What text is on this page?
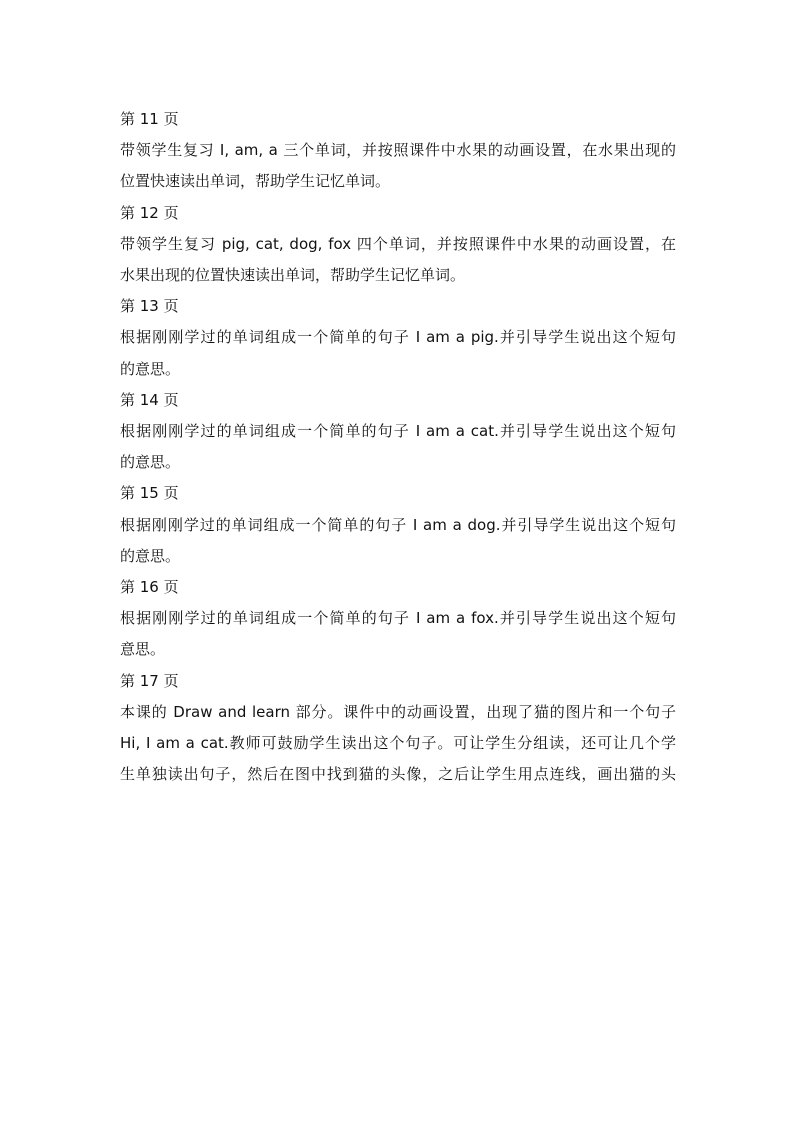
第 11 页
带领学生复习 I, am, a 三个单词，并按照课件中水果的动画设置，在水果出现的
位置快速读出单词，帮助学生记忆单词。
第 12 页
带领学生复习 pig, cat, dog, fox 四个单词，并按照课件中水果的动画设置，在
水果出现的位置快速读出单词，帮助学生记忆单词。
第 13 页
根据刚刚学过的单词组成一个简单的句子 I am a pig.并引导学生说出这个短句
的意思。
第 14 页
根据刚刚学过的单词组成一个简单的句子 I am a cat.并引导学生说出这个短句
的意思。
第 15 页
根据刚刚学过的单词组成一个简单的句子 I am a dog.并引导学生说出这个短句
的意思。
第 16 页
根据刚刚学过的单词组成一个简单的句子 I am a fox.并引导学生说出这个短句
意思。
第 17 页
本课的 Draw and learn 部分。课件中的动画设置，出现了猫的图片和一个句子
Hi, I am a cat.教师可鼓励学生读出这个句子。可让学生分组读，还可让几个学
生单独读出句子，然后在图中找到猫的头像，之后让学生用点连线，画出猫的头
